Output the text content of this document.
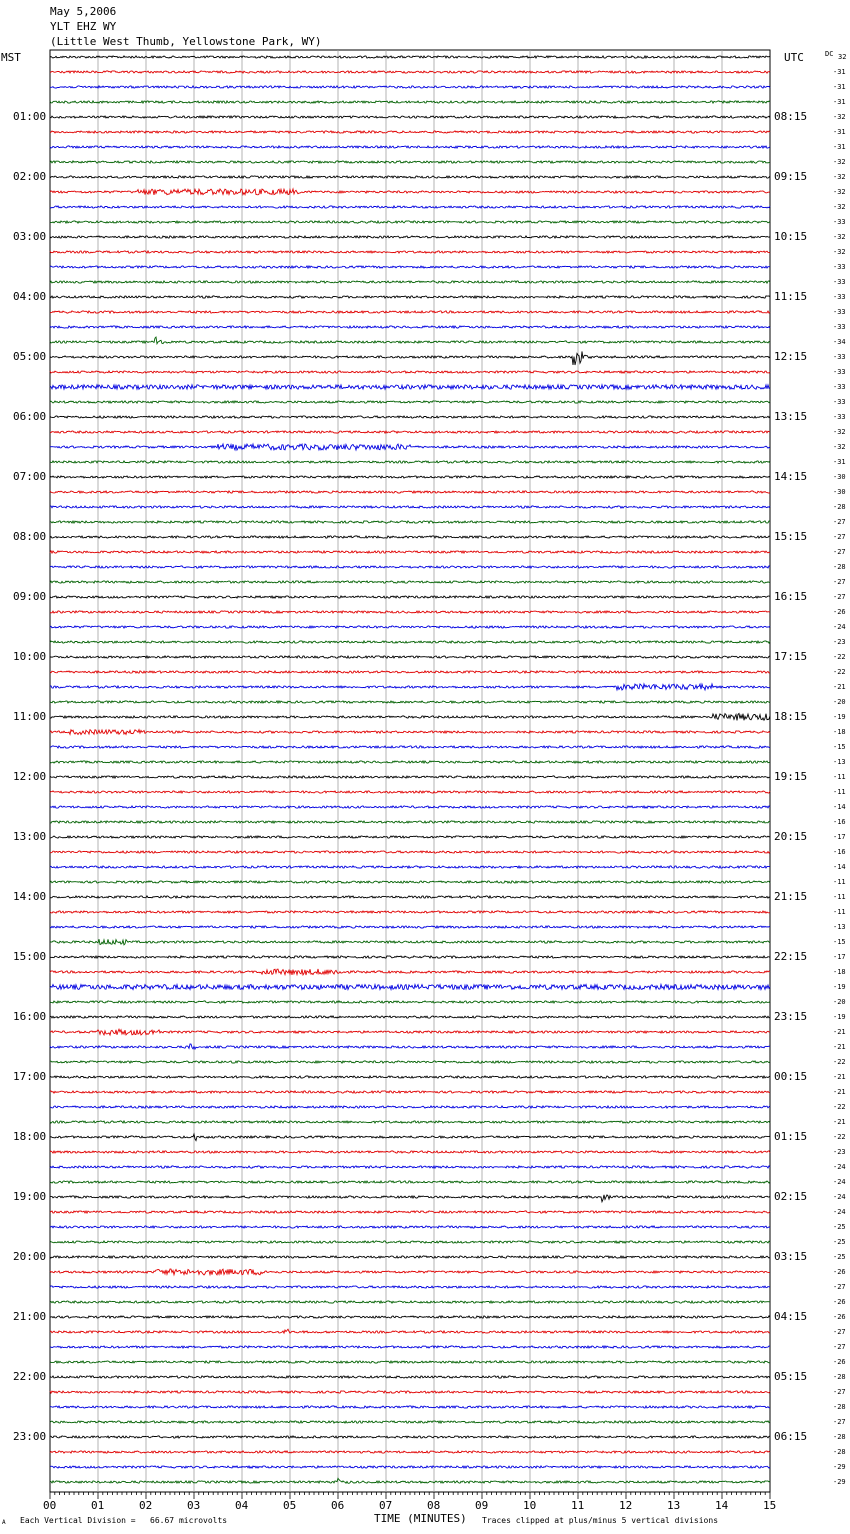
May 5,2006
YLT EHZ WY
(Little West Thumb, Yellowstone Park, WY)
MST	UTC	DC
01:00
02:00
03:00
04:00
05:00
06:00
07:00
08:00
09:00
10:00
11:00
12:00
13:00
14:00
15:00
16:00
17:00
18:00
19:00
20:00
21:00
22:00
23:00
08:15
09:15
10:15
11:15
12:15
13:15
14:15
15:15
16:15
17:15
18:15
19:15
20:15
21:15
22:15
23:15
00:15
01:15
02:15
03:15
04:15
05:15
06:15
32
-31
-31
-31
-32
-31
-31
-32
-32
-32
-32
-33
-32
-32
-33
-33
-33
-33
-33
-34
-33
-33
-33
-33
-33
-32
-32
-31
-30
-30
-28
-27
-27
-27
-28
-27
-27
-26
-24
-23
-22
-22
-21
-20
-19
-18
-15
-13
-11
-11
-14
-16
-17
-16
-14
-11
-11
-11
-13
-15
-17
-18
-19
-20
-19
-21
-21
-22
-21
-21
-22
-21
-22
-23
-24
-24
-24
-24
-25
-25
-25
-26
-27
-26
-26
-27
-27
-26
-28
-27
-28
-27
-28
-28
-29
-29
00	01	02	03	04	05	06	07	08	09	10	11	12	13	14	15
A Each Vertical Division =   66.67 microvolts	TIME (MINUTES) Traces clipped at plus/minus 5 vertical divisions
